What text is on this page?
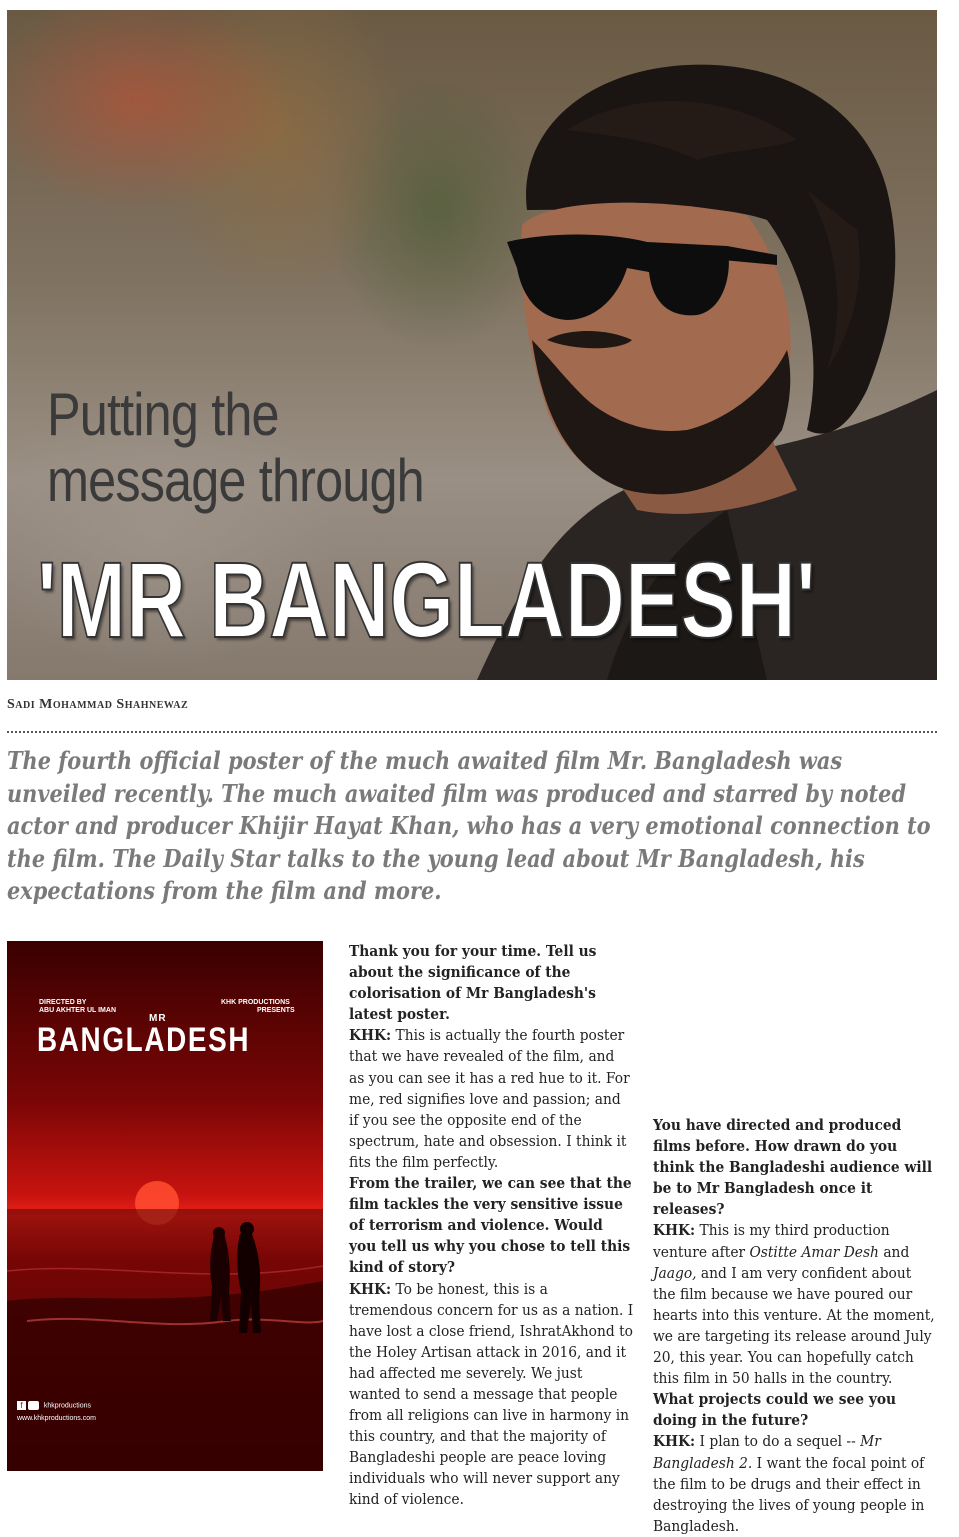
Putting the
message through
'MR BANGLADESH'

Sadi Mohammad Shahnewaz

The fourth official poster of the much awaited film Mr. Bangladesh was unveiled recently. The much awaited film was produced and starred by noted actor and producer Khijir Hayat Khan, who has a very emotional connection to the film. The Daily Star talks to the young lead about Mr Bangladesh, his expectations from the film and more.

DIRECTED BY
ABU AKHTER UL IMAN
KHK PRODUCTIONS
PRESENTS
MR
BANGLADESH
f	khkproductions
www.khkproductions.com

Thank you for your time. Tell us about the significance of the colorisation of Mr Bangladesh's latest poster.

KHK: This is actually the fourth poster that we have revealed of the film, and as you can see it has a red hue to it. For me, red signifies love and passion; and if you see the opposite end of the spectrum, hate and obsession. I think it fits the film perfectly.

From the trailer, we can see that the film tackles the very sensitive issue of terrorism and violence. Would you tell us why you chose to tell this kind of story?

KHK: To be honest, this is a tremendous concern for us as a nation. I have lost a close friend, IshratAkhond to the Holey Artisan attack in 2016, and it had affected me severely. We just wanted to send a message that people from all religions can live in harmony in this country, and that the majority of Bangladeshi people are peace loving individuals who will never support any kind of violence.

You have directed and produced films before. How drawn do you think the Bangladeshi audience will be to Mr Bangladesh once it releases?

KHK: This is my third production venture after Ostitte Amar Desh and Jaago, and I am very confident about the film because we have poured our hearts into this venture. At the moment, we are targeting its release around July 20, this year. You can hopefully catch this film in 50 halls in the country.

What projects could we see you doing in the future?

KHK: I plan to do a sequel -- Mr Bangladesh 2. I want the focal point of the film to be drugs and their effect in destroying the lives of young people in Bangladesh.
